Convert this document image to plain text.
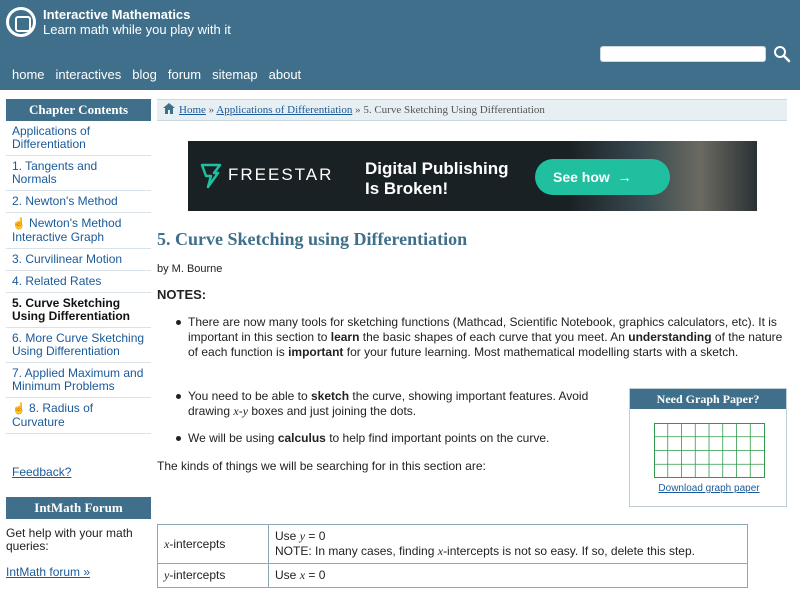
Interactive Mathematics
Learn math while you play with it
home interactives blog forum sitemap about
Chapter Contents
Applications of Differentiation
1. Tangents and Normals
2. Newton's Method
☝ Newton's Method Interactive Graph
3. Curvilinear Motion
4. Related Rates
5. Curve Sketching Using Differentiation
6. More Curve Sketching Using Differentiation
7. Applied Maximum and Minimum Problems
☝ 8. Radius of Curvature
Feedback?
IntMath Forum
Get help with your math queries:
IntMath forum »
Home » Applications of Differentiation » 5. Curve Sketching Using Differentiation
FREESTAR Digital Publishing
Is Broken!
See how  →
5. Curve Sketching using Differentiation
by M. Bourne
NOTES:
There are now many tools for sketching functions (Mathcad, Scientific Notebook, graphics calculators, etc). It is important in this section to learn the basic shapes of each curve that you meet. An understanding of the nature of each function is important for your future learning. Most mathematical modelling starts with a sketch.
You need to be able to sketch the curve, showing important features. Avoid drawing x-y boxes and just joining the dots.
We will be using calculus to help find important points on the curve.
The kinds of things we will be searching for in this section are:
Need Graph Paper?
Download graph paper
x-intercepts	Use y = 0
NOTE: In many cases, finding x-intercepts is not so easy. If so, delete this step.

y-intercepts	Use x = 0
